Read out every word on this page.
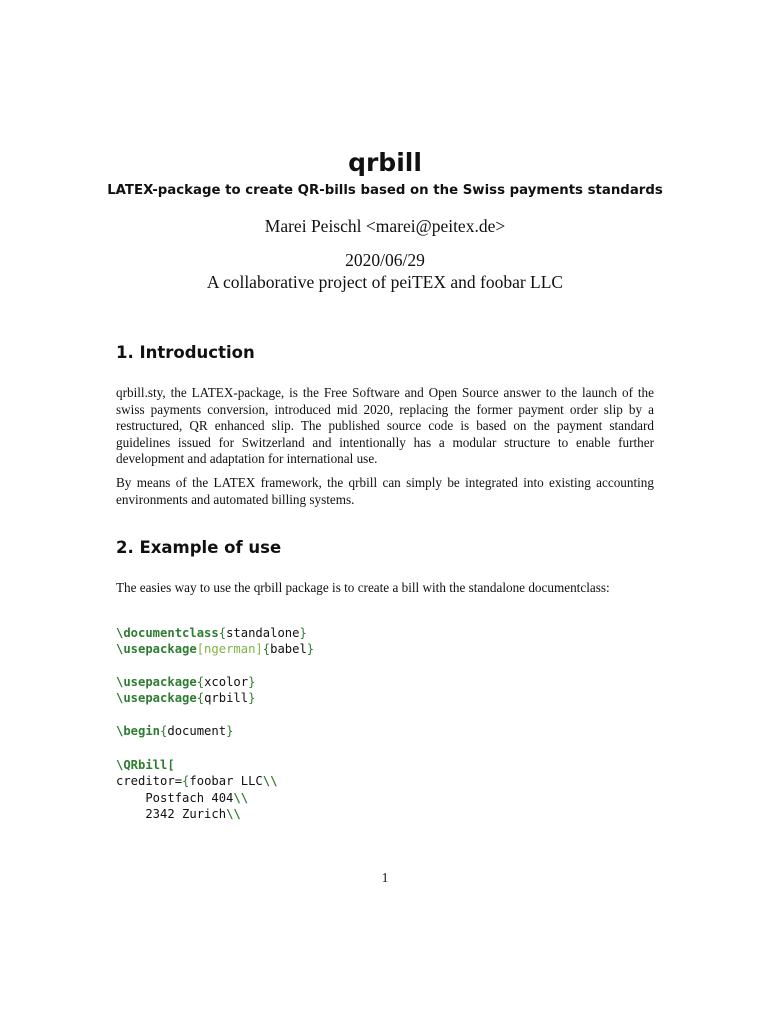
qrbill
LATEX-package to create QR-bills based on the Swiss payments standards
Marei Peischl <marei@peitex.de>
2020/06/29
A collaborative project of peiTEX and foobar LLC
1. Introduction
qrbill.sty, the LATEX-package, is the Free Software and Open Source answer to the launch of the swiss payments conversion, introduced mid 2020, replacing the former payment order slip by a restructured, QR enhanced slip. The published source code is based on the payment standard guidelines issued for Switzerland and intentionally has a modular structure to enable further development and adaptation for international use.
By means of the LATEX framework, the qrbill can simply be integrated into existing accounting environments and automated billing systems.
2. Example of use
The easies way to use the qrbill package is to create a bill with the standalone documentclass:
\documentclass{standalone}
\usepackage[ngerman]{babel}
\usepackage{xcolor}
\usepackage{qrbill}
\begin{document}
\QRbill[
creditor={foobar LLC\\
Postfach 404\\
2342 Zurich\\
1
